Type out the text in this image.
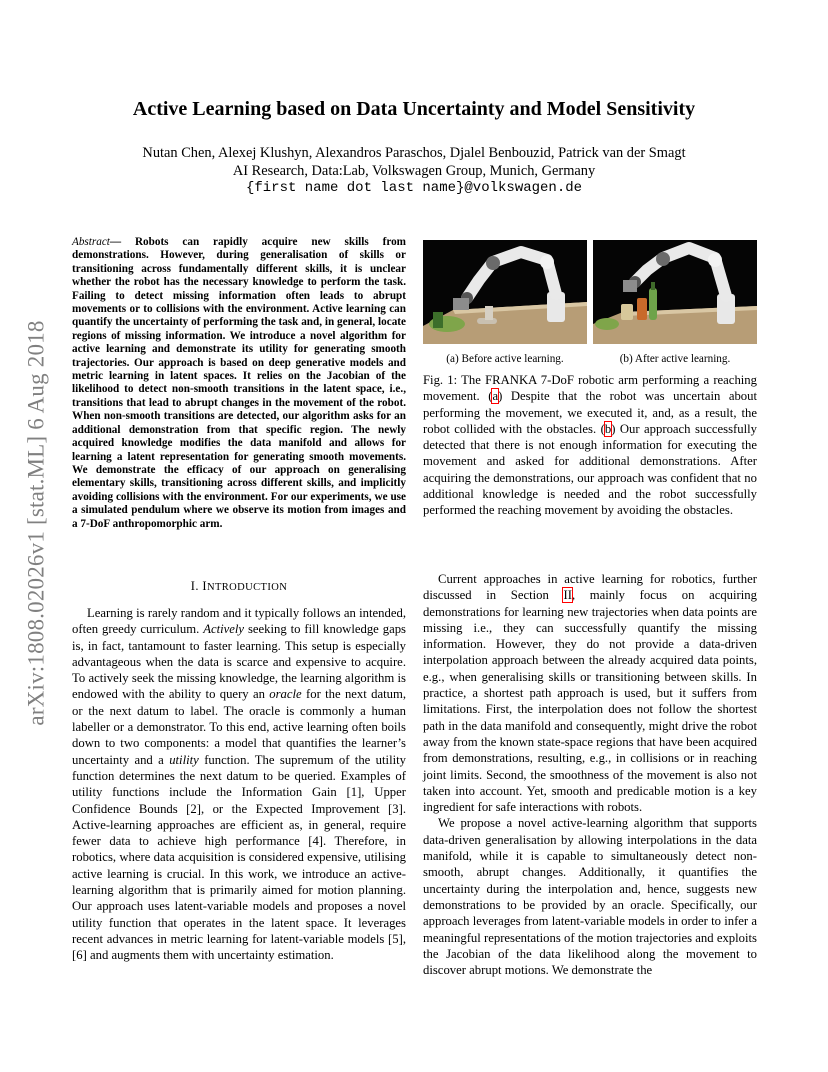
arXiv:1808.02026v1 [stat.ML] 6 Aug 2018
Active Learning based on Data Uncertainty and Model Sensitivity
Nutan Chen, Alexej Klushyn, Alexandros Paraschos, Djalel Benbouzid, Patrick van der Smagt
AI Research, Data:Lab, Volkswagen Group, Munich, Germany
{first name dot last name}@volkswagen.de
Abstract— Robots can rapidly acquire new skills from demonstrations. However, during generalisation of skills or transitioning across fundamentally different skills, it is unclear whether the robot has the necessary knowledge to perform the task. Failing to detect missing information often leads to abrupt movements or to collisions with the environment. Active learning can quantify the uncertainty of performing the task and, in general, locate regions of missing information. We introduce a novel algorithm for active learning and demonstrate its utility for generating smooth trajectories. Our approach is based on deep generative models and metric learning in latent spaces. It relies on the Jacobian of the likelihood to detect non-smooth transitions in the latent space, i.e., transitions that lead to abrupt changes in the movement of the robot. When non-smooth transitions are detected, our algorithm asks for an additional demonstration from that specific region. The newly acquired knowledge modifies the data manifold and allows for learning a latent representation for generating smooth movements. We demonstrate the efficacy of our approach on generalising elementary skills, transitioning across different skills, and implicitly avoiding collisions with the environment. For our experiments, we use a simulated pendulum where we observe its motion from images and a 7-DoF anthropomorphic arm.
I. INTRODUCTION

Learning is rarely random and it typically follows an intended, often greedy curriculum. Actively seeking to fill knowledge gaps is, in fact, tantamount to faster learning. This setup is especially advantageous when the data is scarce and expensive to acquire. To actively seek the missing knowledge, the learning algorithm is endowed with the ability to query an oracle for the next datum, or the next datum to label. The oracle is commonly a human labeller or a demonstrator. To this end, active learning often boils down to two components: a model that quantifies the learner’s uncertainty and a utility function. The supremum of the utility function determines the next datum to be queried. Examples of utility functions include the Information Gain [1], Upper Confidence Bounds [2], or the Expected Improvement [3]. Active-learning approaches are efficient as, in general, require fewer data to achieve high performance [4]. Therefore, in robotics, where data acquisition is considered expensive, utilising active learning is crucial. In this work, we introduce an active-learning algorithm that is primarily aimed for motion planning. Our approach uses latent-variable models and proposes a novel utility function that operates in the latent space. It leverages recent advances in metric learning for latent-variable models [5], [6] and augments them with uncertainty estimation.

(a) Before active learning.	(b) After active learning.
Fig. 1: The FRANKA 7-DoF robotic arm performing a reaching movement. (a) Despite that the robot was uncertain about performing the movement, we executed it, and, as a result, the robot collided with the obstacles. (b) Our approach successfully detected that there is not enough information for executing the movement and asked for additional demonstrations. After acquiring the demonstrations, our approach was confident that no additional knowledge is needed and the robot successfully performed the reaching movement by avoiding the obstacles.

Current approaches in active learning for robotics, further discussed in Section II, mainly focus on acquiring demonstrations for learning new trajectories when data points are missing i.e., they can successfully quantify the missing information. However, they do not provide a data-driven interpolation approach between the already acquired data points, e.g., when generalising skills or transitioning between skills. In practice, a shortest path approach is used, but it suffers from limitations. First, the interpolation does not follow the shortest path in the data manifold and consequently, might drive the robot away from the known state-space regions that have been acquired from demonstrations, resulting, e.g., in collisions or in reaching joint limits. Second, the smoothness of the movement is also not taken into account. Yet, smooth and predicable motion is a key ingredient for safe interactions with robots.

We propose a novel active-learning algorithm that supports data-driven generalisation by allowing interpolations in the data manifold, while it is capable to simultaneously detect non-smooth, abrupt changes. Additionally, it quantifies the uncertainty during the interpolation and, hence, suggests new demonstrations to be provided by an oracle. Specifically, our approach leverages from latent-variable models in order to infer a meaningful representations of the motion trajectories and exploits the Jacobian of the data likelihood along the movement to discover abrupt motions. We demonstrate the
